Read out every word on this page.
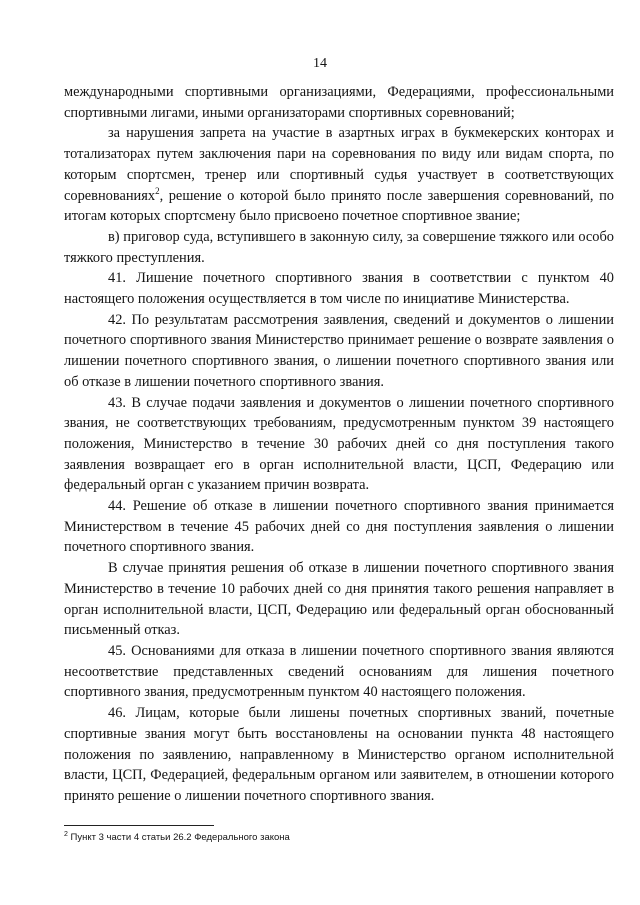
14

международными спортивными организациями, Федерациями, профессиональными спортивными лигами, иными организаторами спортивных соревнований;

за нарушения запрета на участие в азартных играх в букмекерских конторах и тотализаторах путем заключения пари на соревнования по виду или видам спорта, по которым спортсмен, тренер или спортивный судья участвует в соответствующих соревнованиях$^2$, решение о которой было принято после завершения соревнований, по итогам которых спортсмену было присвоено почетное спортивное звание;

в) приговор суда, вступившего в законную силу, за совершение тяжкого или особо тяжкого преступления.

41. Лишение почетного спортивного звания в соответствии с пунктом 40 настоящего положения осуществляется в том числе по инициативе Министерства.

42. По результатам рассмотрения заявления, сведений и документов о лишении почетного спортивного звания Министерство принимает решение о возврате заявления о лишении почетного спортивного звания, о лишении почетного спортивного звания или об отказе в лишении почетного спортивного звания.

43. В случае подачи заявления и документов о лишении почетного спортивного звания, не соответствующих требованиям, предусмотренным пунктом 39 настоящего положения, Министерство в течение 30 рабочих дней со дня поступления такого заявления возвращает его в орган исполнительной власти, ЦСП, Федерацию или федеральный орган с указанием причин возврата.

44. Решение об отказе в лишении почетного спортивного звания принимается Министерством в течение 45 рабочих дней со дня поступления заявления о лишении почетного спортивного звания.

В случае принятия решения об отказе в лишении почетного спортивного звания Министерство в течение 10 рабочих дней со дня принятия такого решения направляет в орган исполнительной власти, ЦСП, Федерацию или федеральный орган обоснованный письменный отказ.

45. Основаниями для отказа в лишении почетного спортивного звания являются несоответствие представленных сведений основаниям для лишения почетного спортивного звания, предусмотренным пунктом 40 настоящего положения.

46. Лицам, которые были лишены почетных спортивных званий, почетные спортивные звания могут быть восстановлены на основании пункта 48 настоящего положения по заявлению, направленному в Министерство органом исполнительной власти, ЦСП, Федерацией, федеральным органом или заявителем, в отношении которого принято решение о лишении почетного спортивного звания.

$^2$ Пункт 3 части 4 статьи 26.2 Федерального закона
